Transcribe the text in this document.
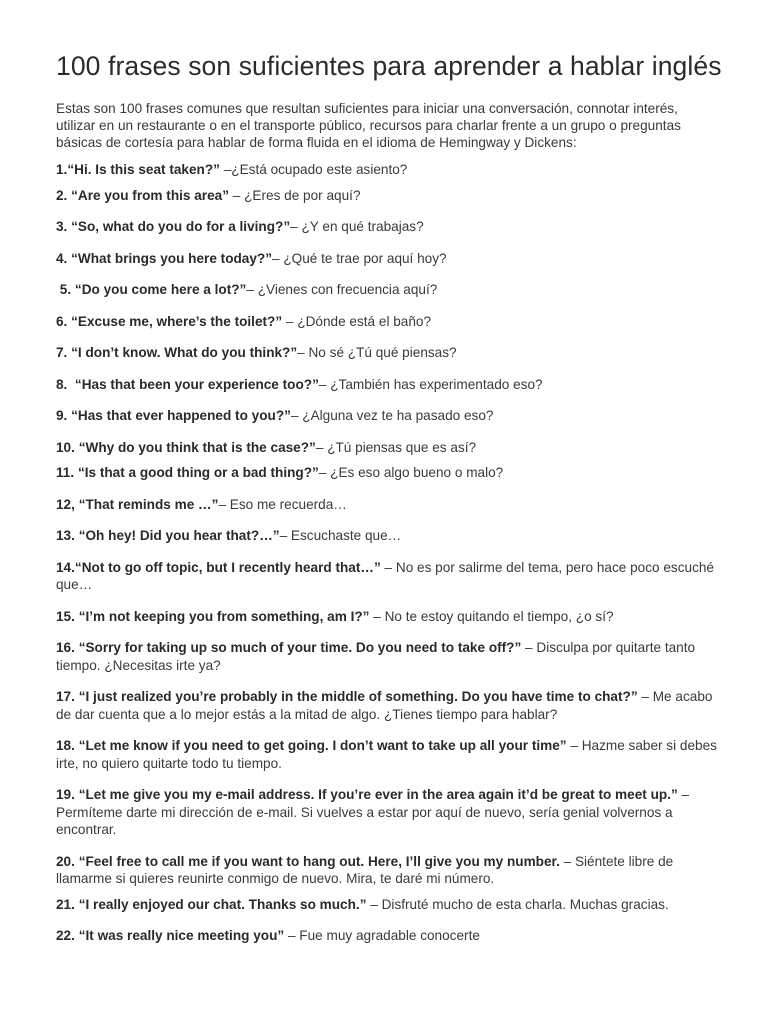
100 frases son suficientes para aprender a hablar inglés

Estas son 100 frases comunes que resultan suficientes para iniciar una conversación, connotar interés, utilizar en un restaurante o en el transporte público, recursos para charlar frente a un grupo o preguntas básicas de cortesía para hablar de forma fluida en el idioma de Hemingway y Dickens:

1.“Hi. Is this seat taken?” –¿Está ocupado este asiento?
2. “Are you from this area” – ¿Eres de por aquí?
3. “So, what do you do for a living?”– ¿Y en qué trabajas?
4. “What brings you here today?”– ¿Qué te trae por aquí hoy?
5. “Do you come here a lot?”– ¿Vienes con frecuencia aquí?
6. “Excuse me, where’s the toilet?” – ¿Dónde está el baño?
7. “I don’t know. What do you think?”– No sé ¿Tú qué piensas?
8.  “Has that been your experience too?”– ¿También has experimentado eso?
9. “Has that ever happened to you?”– ¿Alguna vez te ha pasado eso?
10. “Why do you think that is the case?”– ¿Tú piensas que es así?
11. “Is that a good thing or a bad thing?”– ¿Es eso algo bueno o malo?
12, “That reminds me …”– Eso me recuerda…
13. “Oh hey! Did you hear that?…”– Escuchaste que…
14.“Not to go off topic, but I recently heard that…” – No es por salirme del tema, pero hace poco escuché que…
15. “I’m not keeping you from something, am I?” – No te estoy quitando el tiempo, ¿o sí?
16. “Sorry for taking up so much of your time. Do you need to take off?” – Disculpa por quitarte tanto tiempo. ¿Necesitas irte ya?
17. “I just realized you’re probably in the middle of something. Do you have time to chat?” – Me acabo de dar cuenta que a lo mejor estás a la mitad de algo. ¿Tienes tiempo para hablar?
18. “Let me know if you need to get going. I don’t want to take up all your time” – Hazme saber si debes irte, no quiero quitarte todo tu tiempo.
19. “Let me give you my e-mail address. If you’re ever in the area again it’d be great to meet up.” – Permíteme darte mi dirección de e-mail. Si vuelves a estar por aquí de nuevo, sería genial volvernos a encontrar.
20. “Feel free to call me if you want to hang out. Here, I’ll give you my number. – Siéntete libre de llamarme si quieres reunirte conmigo de nuevo. Mira, te daré mi número.
21. “I really enjoyed our chat. Thanks so much.” – Disfruté mucho de esta charla. Muchas gracias.
22. “It was really nice meeting you” – Fue muy agradable conocerte
